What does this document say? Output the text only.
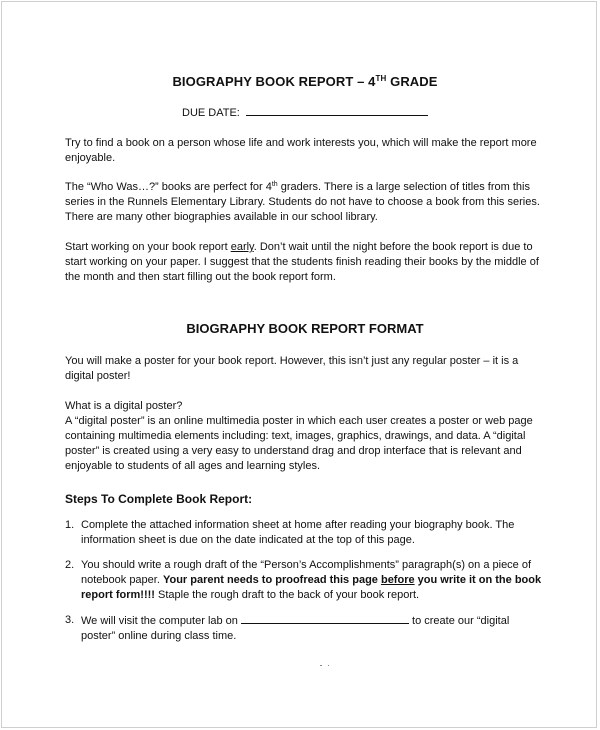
BIOGRAPHY BOOK REPORT – 4TH GRADE
DUE DATE:

Try to find a book on a person whose life and work interests you, which will make the report more enjoyable.

The “Who Was…?” books are perfect for 4th graders. There is a large selection of titles from this series in the Runnels Elementary Library. Students do not have to choose a book from this series. There are many other biographies available in our school library.

Start working on your book report early. Don’t wait until the night before the book report is due to start working on your paper. I suggest that the students finish reading their books by the middle of the month and then start filling out the book report form.

BIOGRAPHY BOOK REPORT FORMAT

You will make a poster for your book report. However, this isn’t just any regular poster – it is a digital poster!

What is a digital poster?

A “digital poster” is an online multimedia poster in which each user creates a poster or web page containing multimedia elements including: text, images, graphics, drawings, and data. A “digital poster” is created using a very easy to understand drag and drop interface that is relevant and enjoyable to students of all ages and learning styles.

Steps To Complete Book Report:
1. Complete the attached information sheet at home after reading your biography book. The information sheet is due on the date indicated at the top of this page.
2. You should write a rough draft of the “Person’s Accomplishments” paragraph(s) on a piece of notebook paper. Your parent needs to proofread this page before you write it on the book report form!!!! Staple the rough draft to the back of your book report.
3. We will visit the computer lab on	to create our “digital poster” online during class time.
